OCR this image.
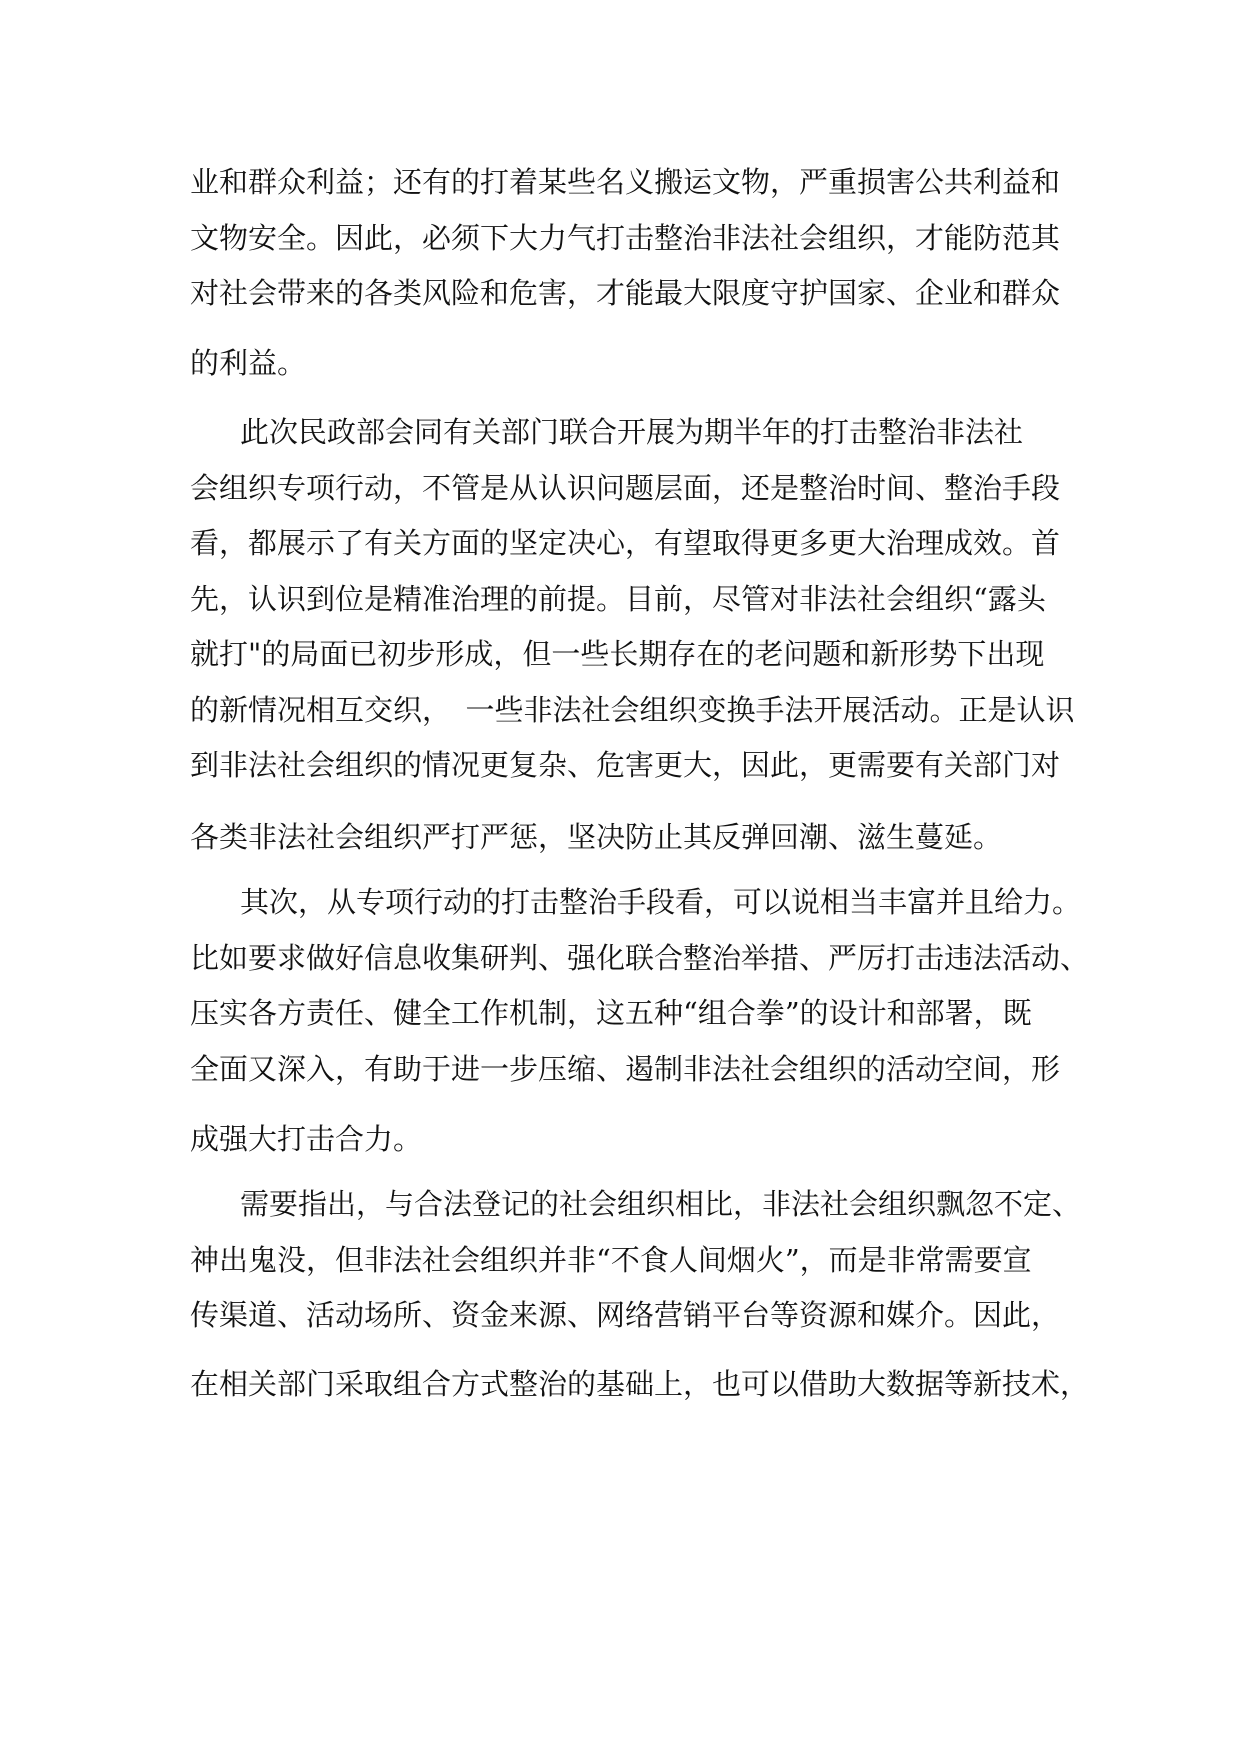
业和群众利益；还有的打着某些名义搬运文物，严重损害公共利益和
文物安全。因此，必须下大力气打击整治非法社会组织，才能防范其
对社会带来的各类风险和危害，才能最大限度守护国家、企业和群众
的利益。
此次民政部会同有关部门联合开展为期半年的打击整治非法社
会组织专项行动，不管是从认识问题层面，还是整治时间、整治手段
看，都展示了有关方面的坚定决心，有望取得更多更大治理成效。首
先，认识到位是精准治理的前提。目前，尽管对非法社会组织“露头
就打"的局面已初步形成，但一些长期存在的老问题和新形势下出现
的新情况相互交织，　一些非法社会组织变换手法开展活动。正是认识
到非法社会组织的情况更复杂、危害更大，因此，更需要有关部门对
各类非法社会组织严打严惩，坚决防止其反弹回潮、滋生蔓延。
其次，从专项行动的打击整治手段看，可以说相当丰富并且给力。
比如要求做好信息收集研判、强化联合整治举措、严厉打击违法活动、
压实各方责任、健全工作机制，这五种“组合拳”的设计和部署，既
全面又深入，有助于进一步压缩、遏制非法社会组织的活动空间，形
成强大打击合力。
需要指出，与合法登记的社会组织相比，非法社会组织飘忽不定、
神出鬼没，但非法社会组织并非“不食人间烟火”，而是非常需要宣
传渠道、活动场所、资金来源、网络营销平台等资源和媒介。因此，
在相关部门采取组合方式整治的基础上，也可以借助大数据等新技术，
